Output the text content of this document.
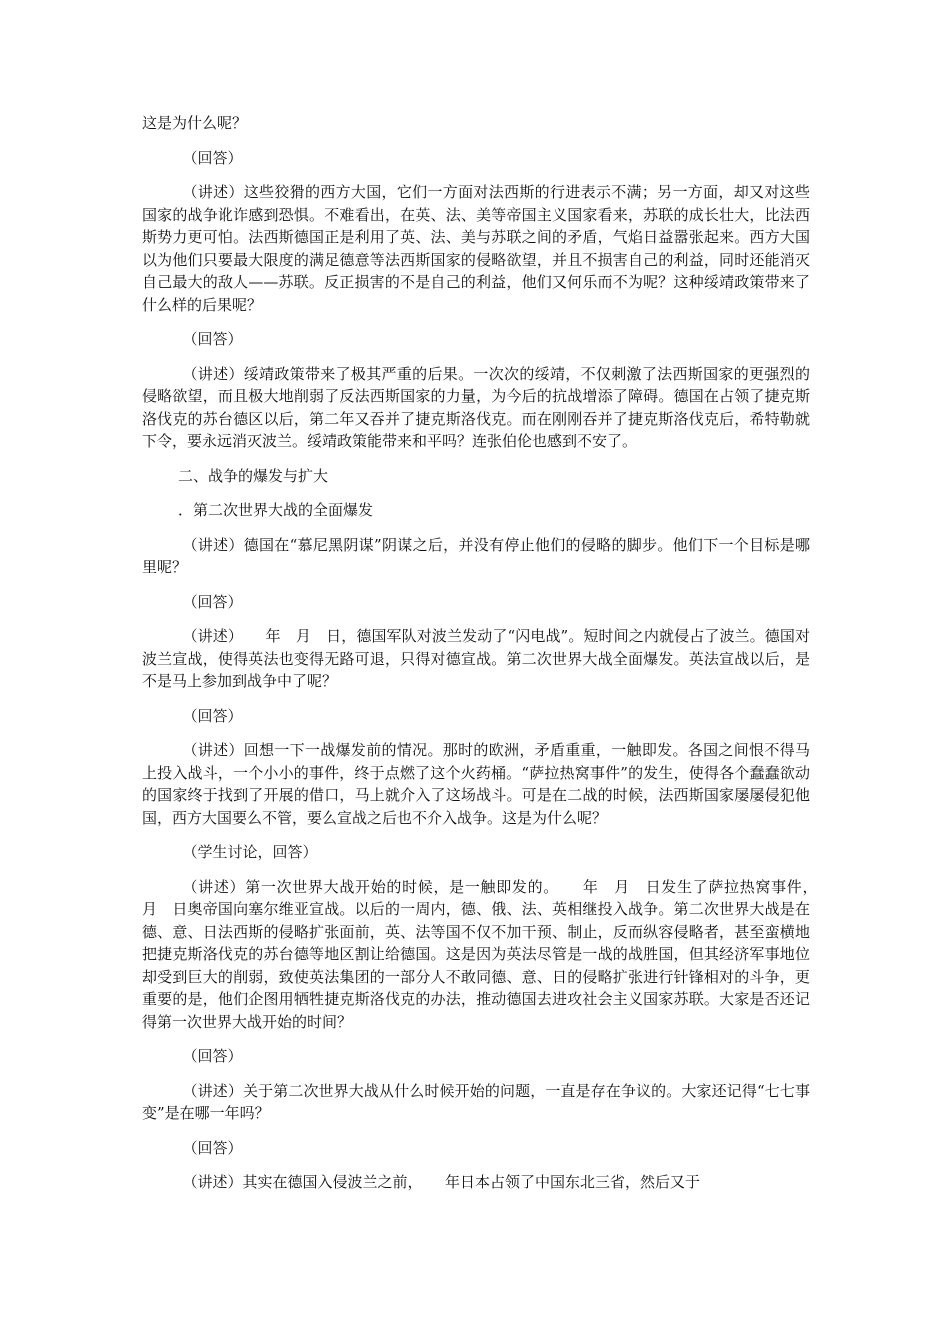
这是为什么呢？

（回答）

（讲述）这些狡猾的西方大国，它们一方面对法西斯的行进表示不满；另一方面，却又对这些国家的战争讹诈感到恐惧。不难看出，在英、法、美等帝国主义国家看来，苏联的成长壮大，比法西斯势力更可怕。法西斯德国正是利用了英、法、美与苏联之间的矛盾，气焰日益嚣张起来。西方大国以为他们只要最大限度的满足德意等法西斯国家的侵略欲望，并且不损害自己的利益，同时还能消灭自己最大的敌人——苏联。反正损害的不是自己的利益，他们又何乐而不为呢？这种绥靖政策带来了什么样的后果呢？

（回答）

（讲述）绥靖政策带来了极其严重的后果。一次次的绥靖，不仅刺激了法西斯国家的更强烈的侵略欲望，而且极大地削弱了反法西斯国家的力量，为今后的抗战增添了障碍。德国在占领了捷克斯洛伐克的苏台德区以后，第二年又吞并了捷克斯洛伐克。而在刚刚吞并了捷克斯洛伐克后，希特勒就下令，要永远消灭波兰。绥靖政策能带来和平吗？连张伯伦也感到不安了。

二、战争的爆发与扩大

．第二次世界大战的全面爆发

（讲述）德国在“慕尼黑阴谋”阴谋之后，并没有停止他们的侵略的脚步。他们下一个目标是哪里呢？

（回答）

（讲述）　　年　月　日，德国军队对波兰发动了“闪电战”。短时间之内就侵占了波兰。德国对波兰宣战，使得英法也变得无路可退，只得对德宣战。第二次世界大战全面爆发。英法宣战以后，是不是马上参加到战争中了呢？

（回答）

（讲述）回想一下一战爆发前的情况。那时的欧洲，矛盾重重，一触即发。各国之间恨不得马上投入战斗，一个小小的事件，终于点燃了这个火药桶。“萨拉热窝事件”的发生，使得各个蠢蠢欲动的国家终于找到了开展的借口，马上就介入了这场战斗。可是在二战的时候，法西斯国家屡屡侵犯他国，西方大国要么不管，要么宣战之后也不介入战争。这是为什么呢？

（学生讨论，回答）

（讲述）第一次世界大战开始的时候，是一触即发的。　　年　月　日发生了萨拉热窝事件，　月　日奥帝国向塞尔维亚宣战。以后的一周内，德、俄、法、英相继投入战争。第二次世界大战是在德、意、日法西斯的侵略扩张面前，英、法等国不仅不加干预、制止，反而纵容侵略者，甚至蛮横地把捷克斯洛伐克的苏台德等地区割让给德国。这是因为英法尽管是一战的战胜国，但其经济军事地位却受到巨大的削弱，致使英法集团的一部分人不敢同德、意、日的侵略扩张进行针锋相对的斗争，更重要的是，他们企图用牺牲捷克斯洛伐克的办法，推动德国去进攻社会主义国家苏联。大家是否还记得第一次世界大战开始的时间？

（回答）

（讲述）关于第二次世界大战从什么时候开始的问题，一直是存在争议的。大家还记得“七七事变”是在哪一年吗？

（回答）

（讲述）其实在德国入侵波兰之前，　　年日本占领了中国东北三省，然后又于
